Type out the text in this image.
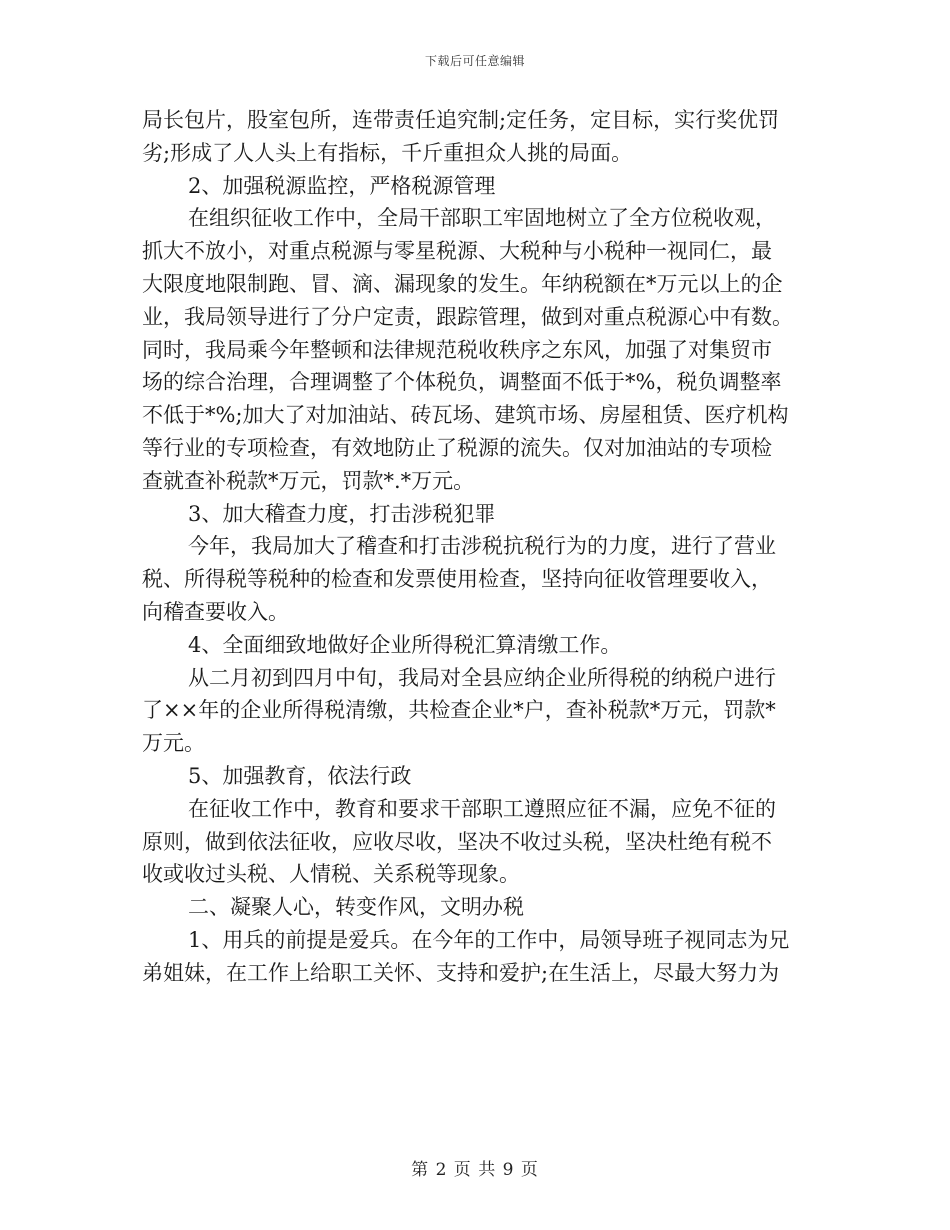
下载后可任意编辑
局长包片，股室包所，连带责任追究制;定任务，定目标，实行奖优罚
劣;形成了人人头上有指标，千斤重担众人挑的局面。
2、加强税源监控，严格税源管理
在组织征收工作中，全局干部职工牢固地树立了全方位税收观，
抓大不放小，对重点税源与零星税源、大税种与小税种一视同仁，最
大限度地限制跑、冒、滴、漏现象的发生。年纳税额在*万元以上的企
业，我局领导进行了分户定责，跟踪管理，做到对重点税源心中有数。
同时，我局乘今年整顿和法律规范税收秩序之东风，加强了对集贸市
场的综合治理，合理调整了个体税负，调整面不低于*%，税负调整率
不低于*%;加大了对加油站、砖瓦场、建筑市场、房屋租赁、医疗机构
等行业的专项检查，有效地防止了税源的流失。仅对加油站的专项检
查就查补税款*万元，罚款*.*万元。
3、加大稽查力度，打击涉税犯罪
今年，我局加大了稽查和打击涉税抗税行为的力度，进行了营业
税、所得税等税种的检查和发票使用检查，坚持向征收管理要收入，
向稽查要收入。
4、全面细致地做好企业所得税汇算清缴工作。
从二月初到四月中旬，我局对全县应纳企业所得税的纳税户进行
了××年的企业所得税清缴，共检查企业*户，查补税款*万元，罚款*
万元。
5、加强教育，依法行政
在征收工作中，教育和要求干部职工遵照应征不漏，应免不征的
原则，做到依法征收，应收尽收，坚决不收过头税，坚决杜绝有税不
收或收过头税、人情税、关系税等现象。
二、凝聚人心，转变作风，文明办税
1、用兵的前提是爱兵。在今年的工作中，局领导班子视同志为兄
弟姐妹，在工作上给职工关怀、支持和爱护;在生活上，尽最大努力为
第 2 页 共 9 页
